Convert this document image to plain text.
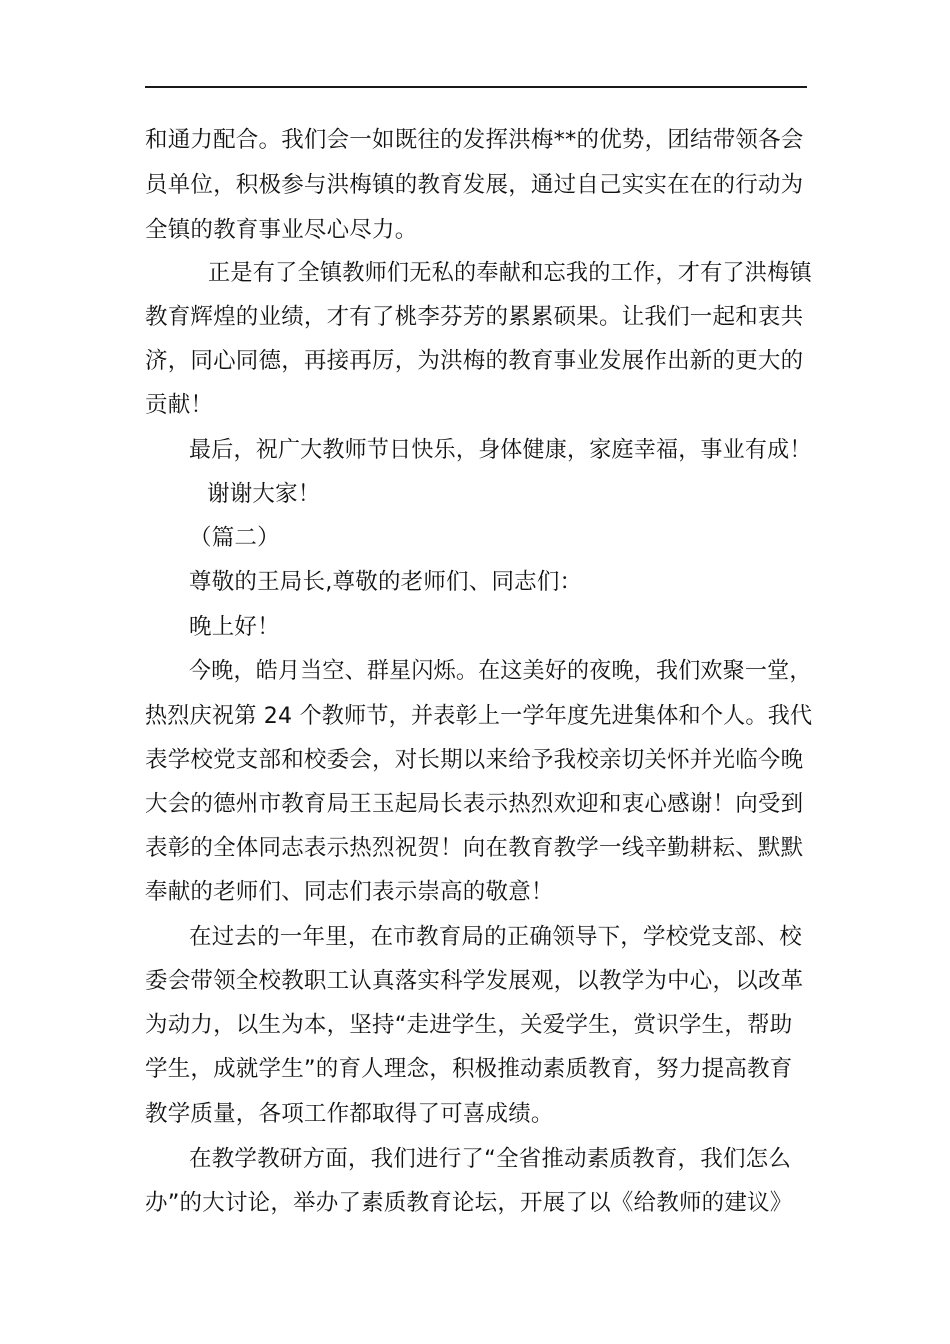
和通力配合。我们会一如既往的发挥洪梅**的优势，团结带领各会
员单位，积极参与洪梅镇的教育发展，通过自己实实在在的行动为
全镇的教育事业尽心尽力。
正是有了全镇教师们无私的奉献和忘我的工作，才有了洪梅镇
教育辉煌的业绩，才有了桃李芬芳的累累硕果。让我们一起和衷共
济，同心同德，再接再厉，为洪梅的教育事业发展作出新的更大的
贡献！
最后，祝广大教师节日快乐，身体健康，家庭幸福，事业有成！
谢谢大家！
（篇二）
尊敬的王局长,尊敬的老师们、同志们：
晚上好！
今晚，皓月当空、群星闪烁。在这美好的夜晚，我们欢聚一堂，
热烈庆祝第 24 个教师节，并表彰上一学年度先进集体和个人。我代
表学校党支部和校委会，对长期以来给予我校亲切关怀并光临今晚
大会的德州市教育局王玉起局长表示热烈欢迎和衷心感谢！向受到
表彰的全体同志表示热烈祝贺！向在教育教学一线辛勤耕耘、默默
奉献的老师们、同志们表示崇高的敬意！
在过去的一年里，在市教育局的正确领导下，学校党支部、校
委会带领全校教职工认真落实科学发展观，以教学为中心，以改革
为动力，以生为本，坚持“走进学生，关爱学生，赏识学生，帮助
学生，成就学生”的育人理念，积极推动素质教育，努力提高教育
教学质量，各项工作都取得了可喜成绩。
在教学教研方面，我们进行了“全省推动素质教育，我们怎么
办”的大讨论，举办了素质教育论坛，开展了以《给教师的建议》
